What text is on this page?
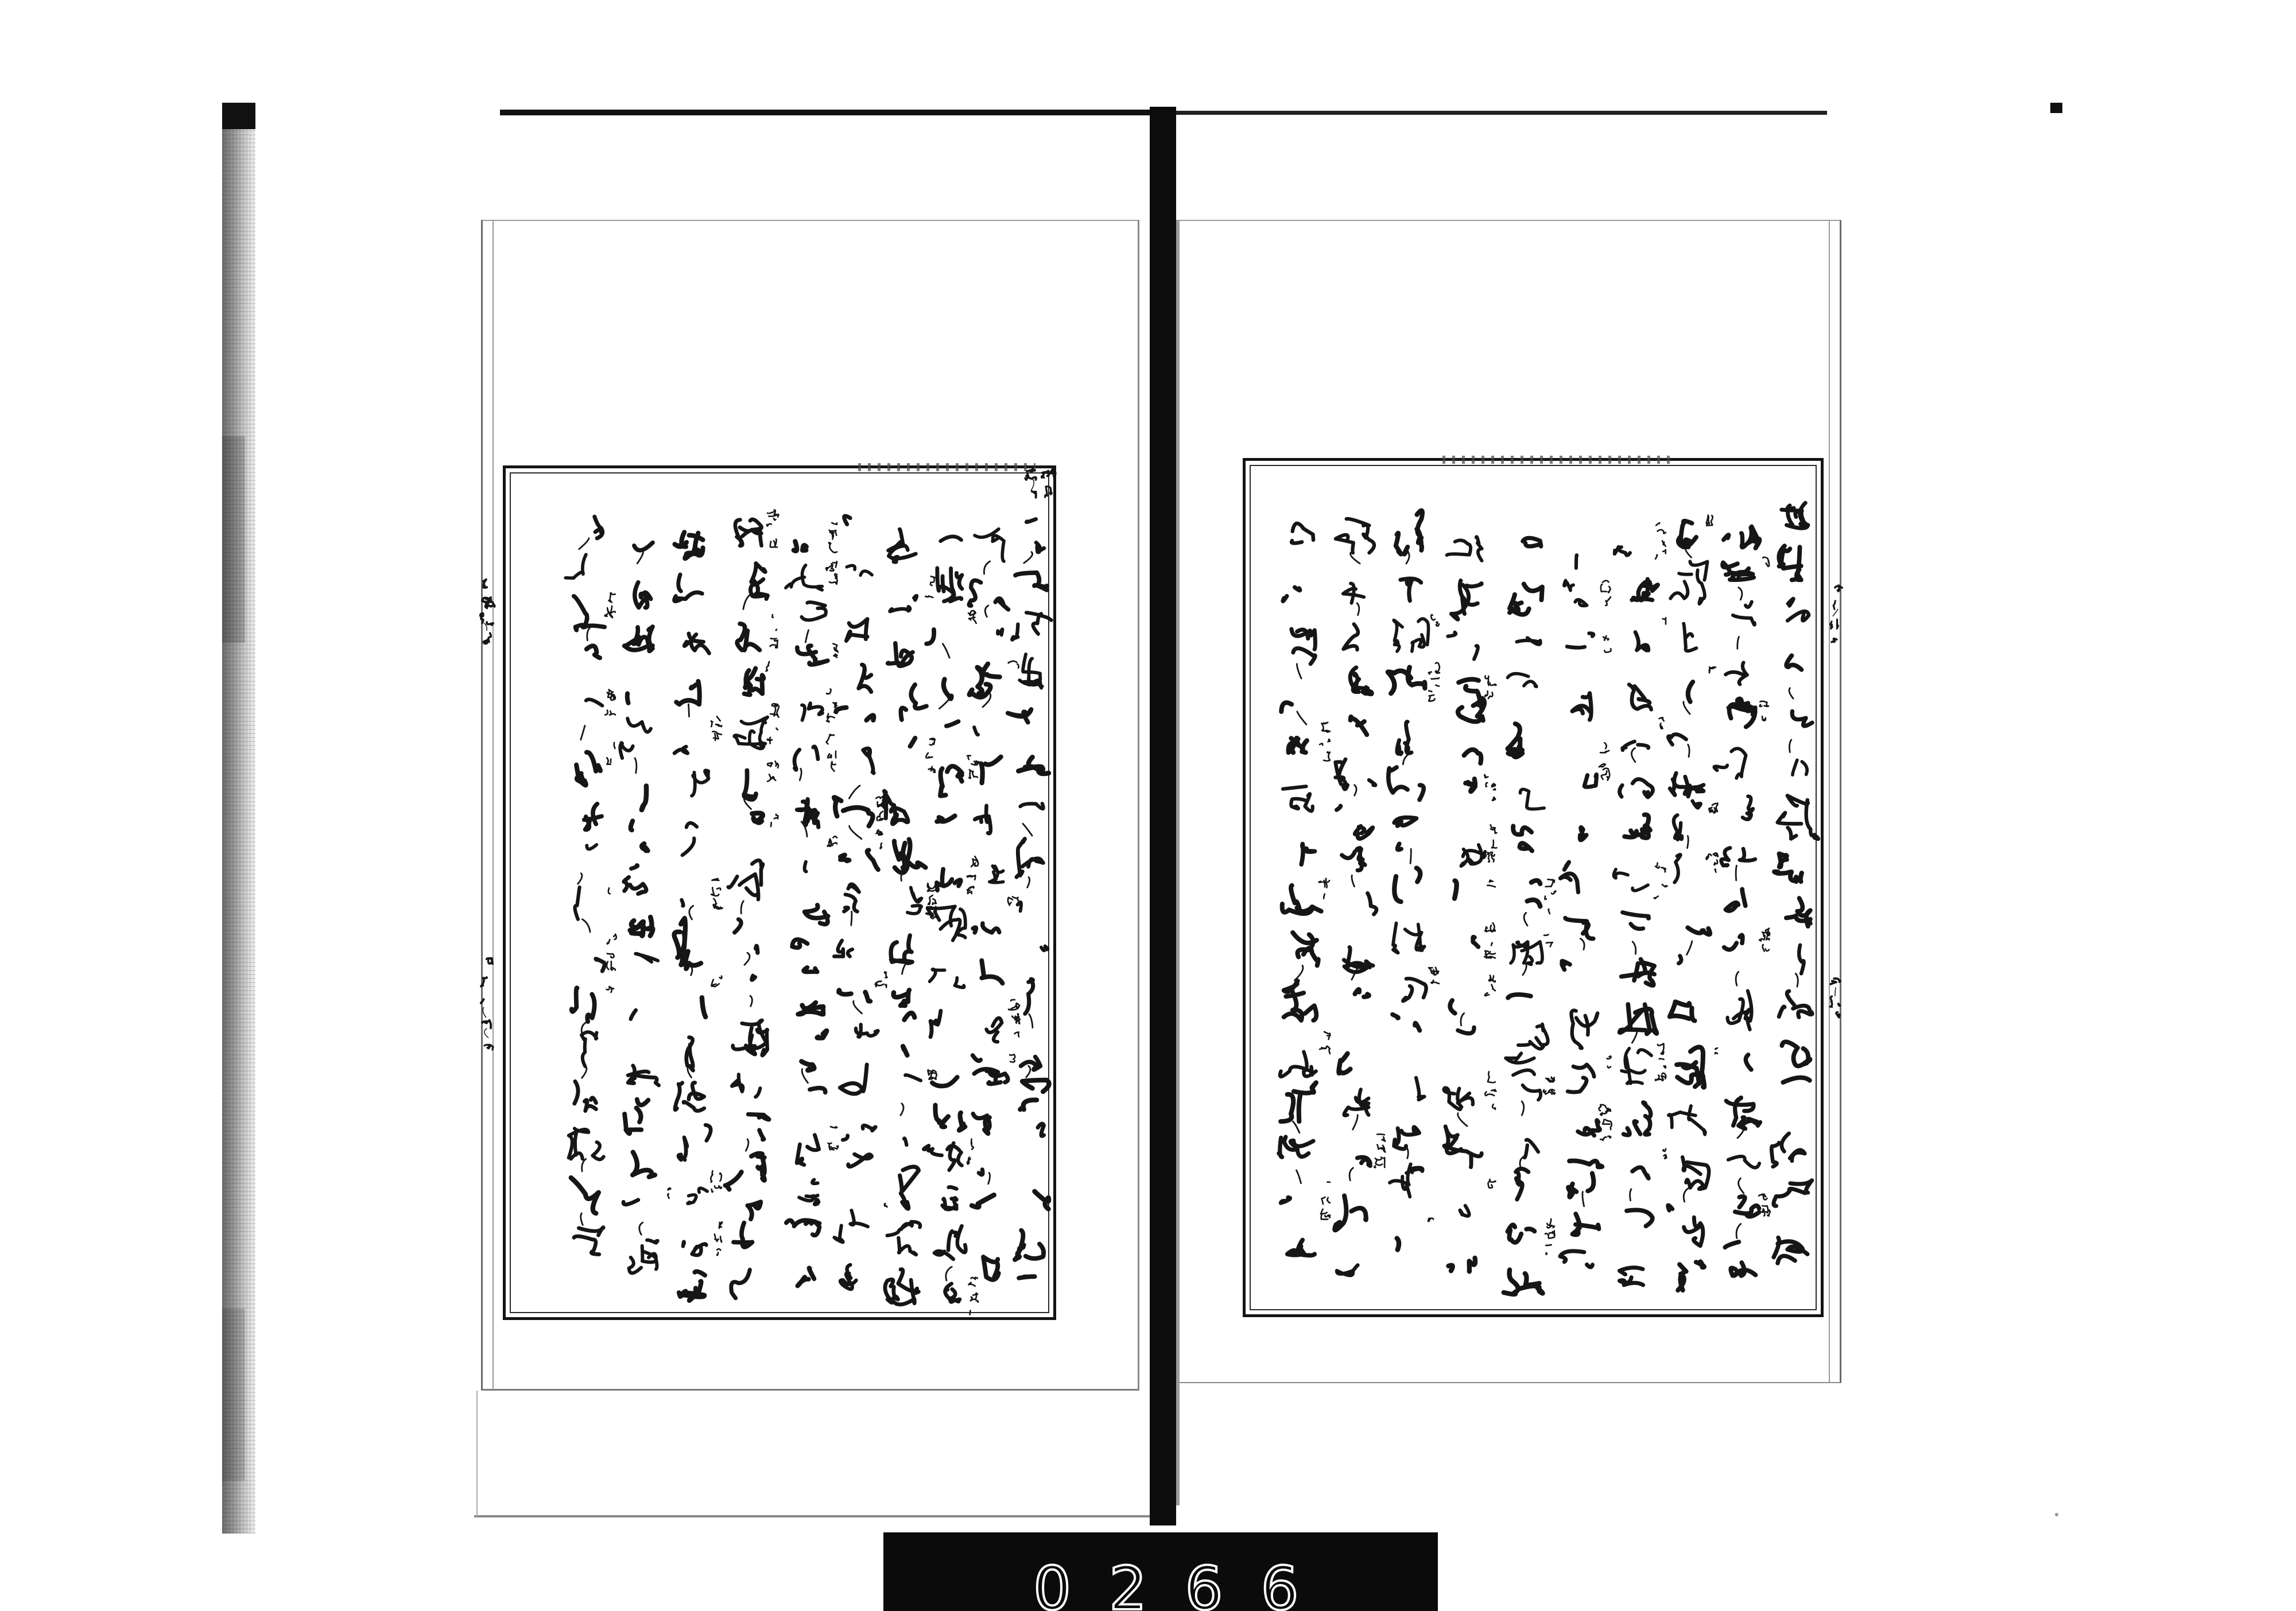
0266
